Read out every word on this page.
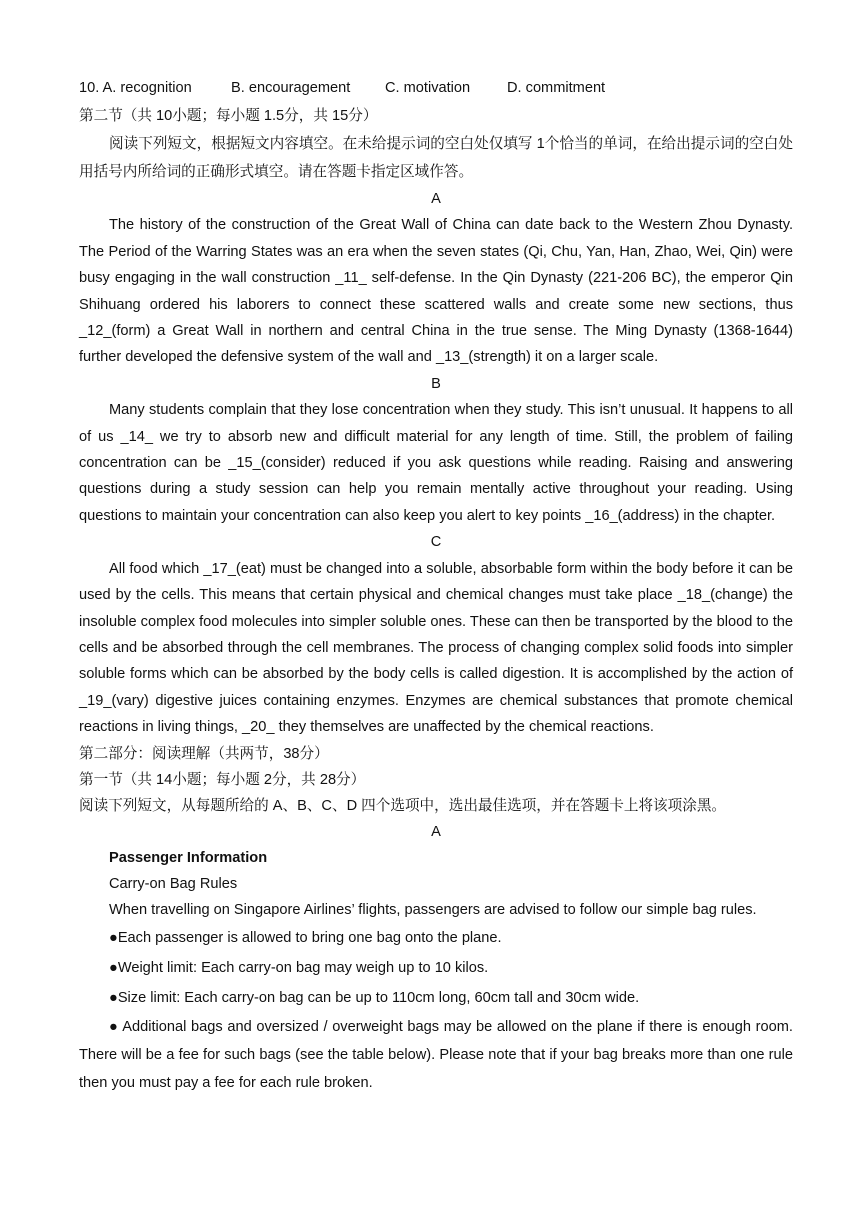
10. A. recognition	B. encouragement	C. motivation	D. commitment

第二节（共 10小题；每小题 1.5分，共 15分）

阅读下列短文，根据短文内容填空。在未给提示词的空白处仅填写 1个恰当的单词，在给出提示词的空白处用括号内所给词的正确形式填空。请在答题卡指定区域作答。

A

The history of the construction of the Great Wall of China can date back to the Western Zhou Dynasty. The Period of the Warring States was an era when the seven states (Qi, Chu, Yan, Han, Zhao, Wei, Qin) were busy engaging in the wall construction _11_ self-defense. In the Qin Dynasty (221-206 BC), the emperor Qin Shihuang ordered his laborers to connect these scattered walls and create some new sections, thus _12_(form) a Great Wall in northern and central China in the true sense. The Ming Dynasty (1368-1644) further developed the defensive system of the wall and _13_(strength) it on a larger scale.

B

Many students complain that they lose concentration when they study. This isn’t unusual. It happens to all of us _14_ we try to absorb new and difficult material for any length of time. Still, the problem of failing concentration can be _15_(consider) reduced if you ask questions while reading. Raising and answering questions during a study session can help you remain mentally active throughout your reading. Using questions to maintain your concentration can also keep you alert to key points _16_(address) in the chapter.

C

All food which _17_(eat) must be changed into a soluble, absorbable form within the body before it can be used by the cells. This means that certain physical and chemical changes must take place _18_(change) the insoluble complex food molecules into simpler soluble ones. These can then be transported by the blood to the cells and be absorbed through the cell membranes. The process of changing complex solid foods into simpler soluble forms which can be absorbed by the body cells is called digestion. It is accomplished by the action of _19_(vary) digestive juices containing enzymes. Enzymes are chemical substances that promote chemical reactions in living things, _20_ they themselves are unaffected by the chemical reactions.

第二部分：阅读理解（共两节，38分）

第一节（共 14小题；每小题 2分，共 28分）

阅读下列短文，从每题所给的 A、B、C、D 四个选项中，选出最佳选项，并在答题卡上将该项涂黑。

A

Passenger Information

Carry-on Bag Rules

When travelling on Singapore Airlines’ flights, passengers are advised to follow our simple bag rules.

●Each passenger is allowed to bring one bag onto the plane.

●Weight limit: Each carry-on bag may weigh up to 10 kilos.

●Size limit: Each carry-on bag can be up to 110cm long, 60cm tall and 30cm wide.

● Additional bags and oversized / overweight bags may be allowed on the plane if there is enough room. There will be a fee for such bags (see the table below). Please note that if your bag breaks more than one rule then you must pay a fee for each rule broken.
